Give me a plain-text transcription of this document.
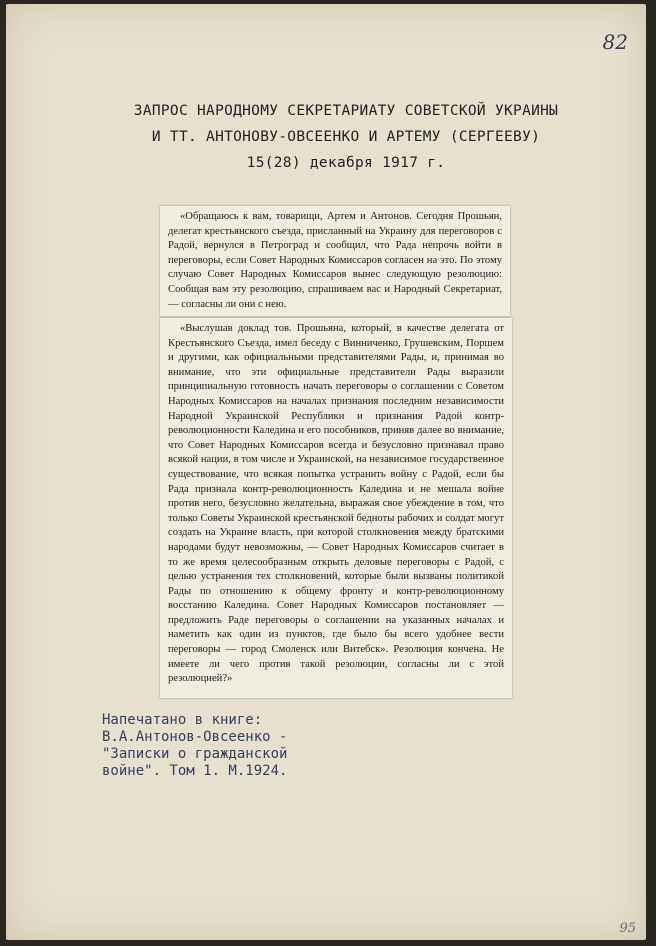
82
ЗАПРОС НАРОДНОМУ СЕКРЕТАРИАТУ СОВЕТСКОЙ УКРАИНЫ
И ТТ. АНТОНОВУ-ОВСЕЕНКО И АРТЕМУ (СЕРГЕЕВУ)
15(28) декабря 1917 г.

«Обращаюсь к вам, товарищи, Артем и Антонов. Сегодня Прошьян, делегат крестьянского съезда, присланный на Украину для переговоров с Радой, вернулся в Петроград и сообщил, что Рада непрочь войти в переговоры, если Совет Народных Комиссаров согласен на это. По этому случаю Совет Народных Комиссаров вынес следующую резолюцию: Сообщая вам эту резолюцию, спрашиваем вас и Народный Секретариат, — согласны ли они с нею.

«Выслушав доклад тов. Прошьяна, который, в качестве делегата от Крестьянского Съезда, имел беседу с Винниченко, Грушевским, Поршем и другими, как официальными представителями Рады, и, принимая во внимание, что эти официальные представители Рады выразили принципиальную готовность начать переговоры о соглашении с Советом Народных Комиссаров на началах признания последним независимости Народной Украинской Республики и признания Радой контр-революционности Каледина и его пособников, приняв далее во внимание, что Совет Народных Комиссаров всегда и безусловно признавал право всякой нации, в том числе и Украинской, на независимое государственное существование, что всякая попытка устранить войну с Радой, если бы Рада признала контр-революционность Каледина и не мешала войне против него, безусловно желательна, выражая свое убеждение в том, что только Советы Украинской крестьянской бедноты рабочих и солдат могут создать на Украине власть, при которой столкновения между братскими народами будут невозможны, — Совет Народных Комиссаров считает в то же время целесообразным открыть деловые переговоры с Радой, с целью устранения тех столкновений, которые были вызваны политикой Рады по отношению к общему фронту и контр-революционному восстанию Каледина. Совет Народных Комиссаров постановляет — предложить Раде переговоры о соглашении на указанных началах и наметить как один из пунктов, где было бы всего удобнее вести переговоры — город Смоленск или Витебск». Резолюция кончена. Не имеете ли чего против такой резолюции, согласны ли с этой резолюцией?»

Напечатано в книге:
В.А.Антонов-Овсеенко -
"Записки о гражданской
войне". Том 1. М.1924.
95
